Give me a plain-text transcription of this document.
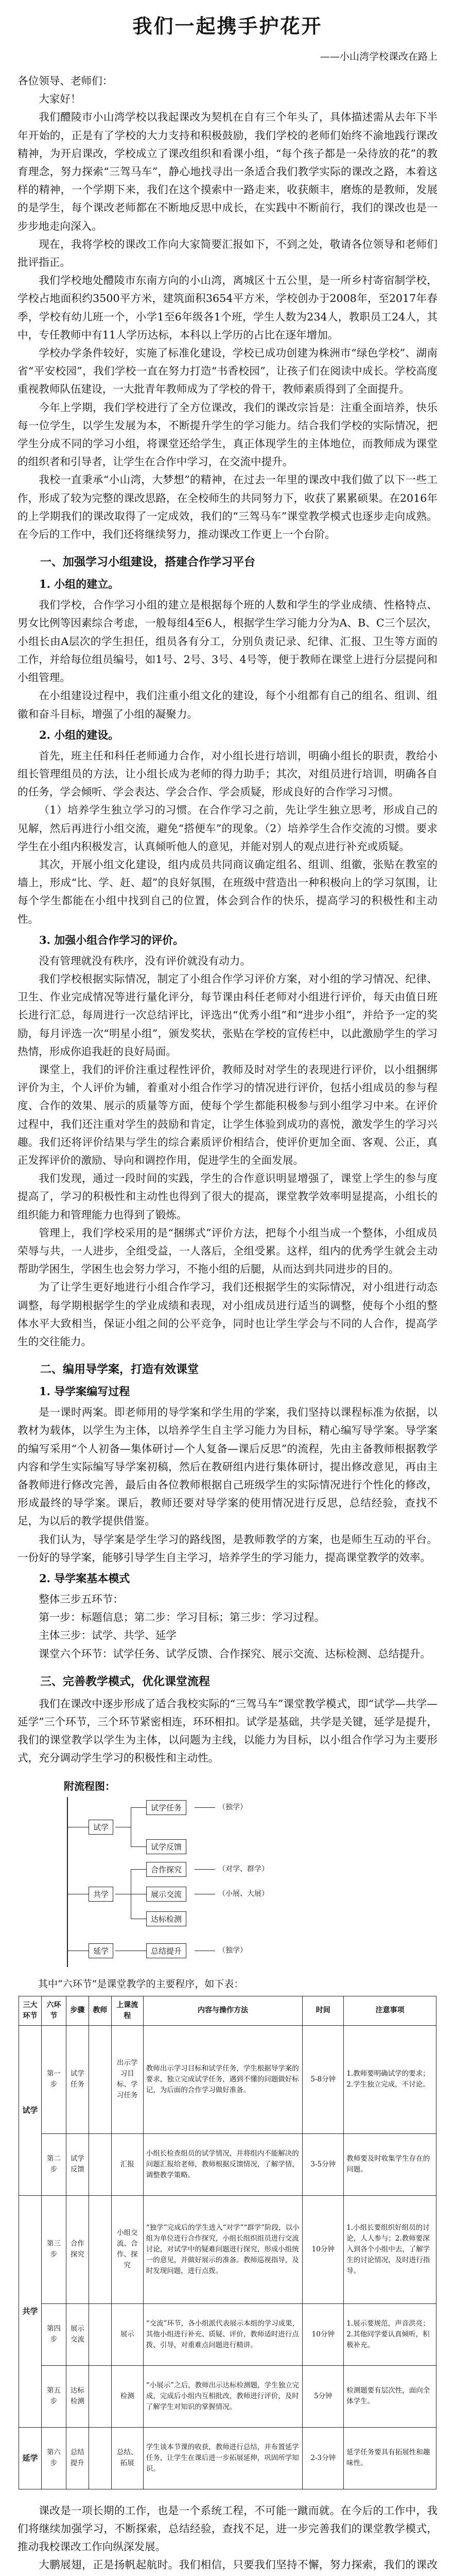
我们一起携手护花开
——小山湾学校课改在路上

各位领导、老师们：

大家好！

我们醴陵市小山湾学校以我起课改为契机在自有三个年头了，具体描述需从去年下半年开始的，正是有了学校的大力支持和积极鼓励，我们学校的老师们始终不渝地践行课改精神，为开启课改，学校成立了课改组织和看课小组，“每个孩子都是一朵待放的花”的教育理念，努力探索“三驾马车”，静心地找寻出一条适合我们教学实际的课改之路，本着这样的精神，一个学期下来，我们在这个摸索中一路走来，收获颇丰，磨炼的是教师，发展的是学生，每个课改老师都在不断地反思中成长，在实践中不断前行，我们的课改也是一步步地走向深入。

现在，我将学校的课改工作向大家简要汇报如下，不到之处，敬请各位领导和老师们批评指正。

我们学校地处醴陵市东南方向的小山湾，离城区十五公里，是一所乡村寄宿制学校，学校占地面积约3500平方米，建筑面积3654平方米，学校创办于2008年，至2017年春季，学校有幼儿班一个，小学1至6年级各1个班，学生人数为234人，教职员工24人，其中，专任教师中有11人学历达标，本科以上学历的占比在逐年增加。

学校办学条件较好，实施了标准化建设，学校已成功创建为株洲市“绿色学校”、湖南省“平安校园”，我们学校一直在努力打造“书香校园”，让孩子们在阅读中成长。学校高度重视教师队伍建设，一大批青年教师成为了学校的骨干，教师素质得到了全面提升。

今年上学期，我们学校进行了全方位课改，我们的课改宗旨是：注重全面培养，快乐每一位学生，以学生发展为本，不断提升学生的学习能力。结合我们学校的实际情况，把学生分成不同的学习小组，将课堂还给学生，真正体现学生的主体地位，而教师成为课堂的组织者和引导者，让学生在合作中学习，在交流中提升。

我校一直秉承“小山湾，大梦想”的精神，在过去一年里的课改中我们做了以下一些工作，形成了较为完整的课改思路，在全校师生的共同努力下，收获了累累硕果。在2016年的上学期我们的课改取得了一定成效，我们的“三驾马车”课堂教学模式也逐步走向成熟。在今后的工作中，我们还将继续努力，推动课改工作更上一个台阶。

一、加强学习小组建设，搭建合作学习平台
1. 小组的建立。

我们学校，合作学习小组的建立是根据每个班的人数和学生的学业成绩、性格特点、男女比例等因素综合考虑，一般每组4至6人，根据学生学习能力分为A、B、C三个层次，小组长由A层次的学生担任，组员各有分工，分别负责记录、纪律、汇报、卫生等方面的工作，并给每位组员编号，如1号、2号、3号、4号等，便于教师在课堂上进行分层提问和小组管理。

在小组建设过程中，我们注重小组文化的建设，每个小组都有自己的组名、组训、组徽和奋斗目标，增强了小组的凝聚力。

2. 小组的建设。

首先，班主任和科任老师通力合作，对小组长进行培训，明确小组长的职责，教给小组长管理组员的方法，让小组长成为老师的得力助手；其次，对组员进行培训，明确各自的任务，学会倾听、学会表达、学会合作、学会质疑，形成良好的合作学习习惯。

（1）培养学生独立学习的习惯。在合作学习之前，先让学生独立思考，形成自己的见解，然后再进行小组交流，避免“搭便车”的现象。（2）培养学生合作交流的习惯。要求学生在小组内积极发言，认真倾听他人的意见，并能对别人的观点进行补充或质疑。

其次，开展小组文化建设，组内成员共同商议确定组名、组训、组徽，张贴在教室的墙上，形成“比、学、赶、超”的良好氛围，在班级中营造出一种积极向上的学习氛围，让每个学生都能在小组中找到自己的位置，体会到合作的快乐，提高学习的积极性和主动性。

3. 加强小组合作学习的评价。

没有管理就没有秩序，没有评价就没有动力。

我们学校根据实际情况，制定了小组合作学习评价方案，对小组的学习情况、纪律、卫生、作业完成情况等进行量化评分，每节课由科任老师对小组进行评价，每天由值日班长进行汇总，每周进行一次总结评比，评选出“优秀小组”和“进步小组”，并给予一定的奖励，每月评选一次“明星小组”，颁发奖状，张贴在学校的宣传栏中，以此激励学生的学习热情，形成你追我赶的良好局面。

课堂上，我们的评价注重过程性评价，教师及时对学生的表现进行评价，以小组捆绑评价为主，个人评价为辅，着重对小组合作学习的情况进行评价，包括小组成员的参与程度、合作的效果、展示的质量等方面，使每个学生都能积极参与到小组学习中来。在评价过程中，我们还注重对学生的鼓励和肯定，让学生体验到成功的喜悦，激发学生的学习兴趣。我们还将评价结果与学生的综合素质评价相结合，使评价更加全面、客观、公正，真正发挥评价的激励、导向和调控作用，促进学生的全面发展。

我们发现，通过一段时间的实践，学生的合作意识明显增强了，课堂上学生的参与度提高了，学习的积极性和主动性也得到了很大的提高，课堂教学效率明显提高，小组长的组织能力和管理能力也得到了锻炼。

管理上，我们学校采用的是“捆绑式”评价方法，把每个小组当成一个整体，小组成员荣辱与共，一人进步，全组受益，一人落后，全组受累。这样，组内的优秀学生就会主动帮助学困生，学困生也会努力学习，不拖小组的后腿，从而达到共同进步的目的。

为了让学生更好地进行小组合作学习，我们还根据学生的实际情况，对小组进行动态调整，每学期根据学生的学业成绩和表现，对小组成员进行适当的调整，使每个小组的整体水平大致相当，保证小组之间的公平竞争，同时也让学生学会与不同的人合作，提高学生的交往能力。

二、编用导学案，打造有效课堂
1. 导学案编写过程

是一课时两案。即老师用的导学案和学生用的学案，我们坚持以课程标准为依据，以教材为载体，以学生为主体，以培养学生自主学习能力为目标，精心编写导学案。导学案的编写采用“个人初备—集体研讨—个人复备—课后反思”的流程，先由主备教师根据教学内容和学生实际编写导学案初稿，然后在教研组内进行集体研讨，提出修改意见，再由主备教师进行修改完善，最后由各位教师根据自己班级学生的实际情况进行个性化的修改，形成最终的导学案。课后，教师还要对导学案的使用情况进行反思，总结经验，查找不足，为以后的教学提供借鉴。

我们认为，导学案是学生学习的路线图，是教师教学的方案，也是师生互动的平台。一份好的导学案，能够引导学生自主学习，培养学生的学习能力，提高课堂教学的效率。

2. 导学案基本模式

整体三步五环节：

第一步：标题信息；第二步：学习目标；第三步：学习过程。

主体三步：试学、共学、延学

课堂六个环节：试学任务、试学反馈、合作探究、展示交流、达标检测、总结提升。

三、完善教学模式，优化课堂流程

我们在课改中逐步形成了适合我校实际的“三驾马车”课堂教学模式，即“试学—共学—延学”三个环节，三个环节紧密相连，环环相扣。试学是基础，共学是关键，延学是提升，我们的课堂教学以学生为主体，以问题为主线，以能力为目标，以小组合作学习为主要形式，充分调动学生学习的积极性和主动性。

附流程图：
试学
试学任务
试学反馈
（独学）
共学
合作探究
展示交流
达标检测
（对学、群学）
（小展、大展）
延学	总结提升	（独学）

其中“六环节”是课堂教学的主要程序，如下表：

三大环节	六环节	步骤	教师	上课流程	内容与操作方法	时间	注意事项
试学	第一步	试学任务		出示学习目标、学习任务	教师出示学习目标和试学任务，学生根据导学案的要求，独立完成试学任务，遇到不懂的问题做好标记，为后面的合作学习做好准备。	5-8分钟	1.教师要明确试学的要求；2.学生独立完成，不讨论。
	第二步	试学反馈		汇报	小组长检查组员的试学情况，并将组内不能解决的问题汇报给老师，教师根据反馈情况，了解学情，调整教学策略。	3-5分钟	教师要及时收集学生存在的问题。
共学	第三步	合作探究		小组交流、合作、探究	“独学”完成后的学生进入“对学”“群学”阶段，以小组为单位进行合作探究，小组长组织组员进行交流讨论，对试学中的疑难问题进行探究，形成小组统一的意见，并做好展示的准备。教师巡视指导，及时发现问题，进行点拨。	10分钟	1.小组长要组织好组员的讨论，人人参与；2.教师要深入到各个小组中去，了解学生的讨论情况，及时进行指导。
	第四步	展示交流		展示	“交流”环节，各小组派代表展示本组的学习成果，其他小组进行补充、质疑、评价，教师适时进行点拨、引导，对重难点问题进行精讲。	10分钟	1.展示要规范，声音洪亮；2.其他同学要认真倾听，积极补充。
	第五步	达标检测		检测	“小展示”之后，教师出示达标检测题，学生独立完成，完成后小组内互相批改，教师进行评价，及时了解学生对知识的掌握情况。	5分钟	检测题要有层次性，面向全体学生。
延学	第六步	总结提升		总结、拓展	学生谈本节课的收获，教师进行总结，并布置延学任务，让学生在课后进一步拓展延伸，巩固所学知识。	2-3分钟	延学任务要具有拓展性和趣味性。

课改是一项长期的工作，也是一个系统工程，不可能一蹴而就。在今后的工作中，我们将继续加强学习，不断探索，总结经验，查找不足，进一步完善我们的课堂教学模式，推动我校课改工作向纵深发展。

大鹏展翅，正是扬帆起航时。我们相信，只要我们坚持不懈，努力探索，我们的课改
